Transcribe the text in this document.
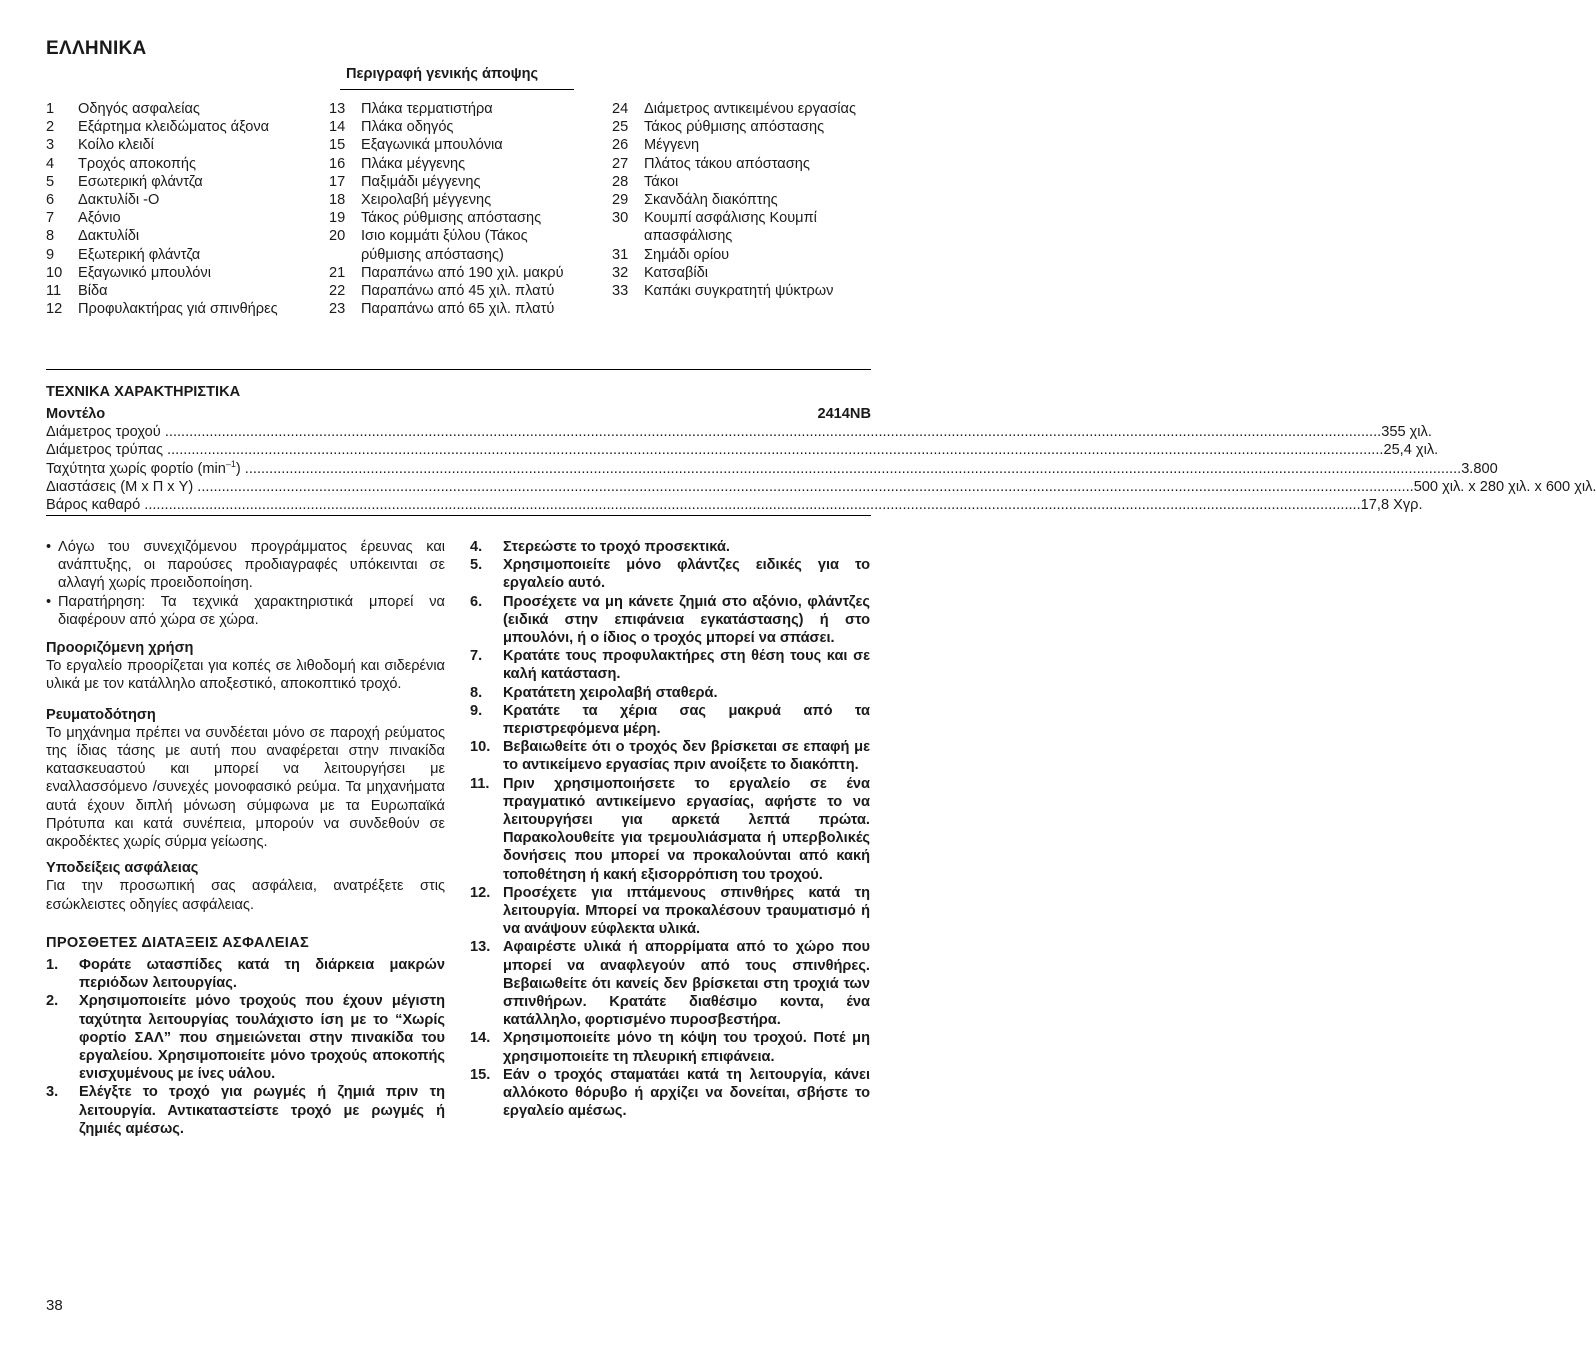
ΕΛΛΗΝΙΚΑ
Περιγραφή γενικής άποψης
1	Οδηγός ασφαλείας
2	Εξάρτημα κλειδώματος άξονα
3	Κοίλο κλειδί
4	Τροχός αποκοπής
5	Εσωτερική φλάντζα
6	Δακτυλίδι -Ο
7	Αξόνιο
8	Δακτυλίδι
9	Εξωτερική φλάντζα
10	Εξαγωνικό μπουλόνι
11	Βίδα
12	Προφυλακτήρας γιά σπινθήρες
13	Πλάκα τερματιστήρα
14	Πλάκα οδηγός
15	Εξαγωνικά μπουλόνια
16	Πλάκα μέγγενης
17	Παξιμάδι μέγγενης
18	Χειρολαβή μέγγενης
19	Τάκος ρύθμισης απόστασης
20	Ισιο κομμάτι ξύλου (Τάκος ρύθμισης απόστασης)
21	Παραπάνω από 190 χιλ. μακρύ
22	Παραπάνω από 45 χιλ. πλατύ
23	Παραπάνω από 65 χιλ. πλατύ
24	Διάμετρος αντικειμένου εργασίας
25	Τάκος ρύθμισης απόστασης
26	Μέγγενη
27	Πλάτος τάκου απόστασης
28	Τάκοι
29	Σκανδάλη διακόπτης
30	Κουμπί ασφάλισης Κουμπί απασφάλισης
31	Σημάδι ορίου
32	Κατσαβίδι
33	Καπάκι συγκρατητή ψύκτρων
ΤΕΧΝΙΚΑ ΧΑΡΑΚΤΗΡΙΣΤΙΚΑ
Μοντέλο	2414NB
Διάμετρος τροχού ............................................................................................................................................................................................................................................................................................................ 355 χιλ.
Διάμετρος τρύπας ............................................................................................................................................................................................................................................................................................................ 25,4 χιλ.
Ταχύτητα χωρίς φορτίο $(\min^{-1})$ ............................................................................................................................................................................................................................................................................................................ 3.800
Διαστάσεις (Μ x Π x Υ) ............................................................................................................................................................................................................................................................................................................ 500 χιλ. x 280 χιλ. x 600 χιλ.
Βάρος καθαρό ............................................................................................................................................................................................................................................................................................................ 17,8 Χγρ.
• Λόγω του συνεχιζόμενου προγράμματος έρευνας και ανάπτυξης, οι παρούσες προδιαγραφές υπόκεινται σε αλλαγή χωρίς προειδοποίηση.
• Παρατήρηση: Τα τεχνικά χαρακτηριστικά μπορεί να διαφέρουν από χώρα σε χώρα.
Προοριζόμενη χρήση
Το εργαλείο προορίζεται για κοπές σε λιθοδομή και σιδερένια υλικά με τον κατάλληλο αποξεστικό, αποκοπτικό τροχό.
Ρευματοδότηση
Το μηχάνημα πρέπει να συνδέεται μόνο σε παροχή ρεύματος της ίδιας τάσης με αυτή που αναφέρεται στην πινακίδα κατασκευαστού και μπορεί να λειτουργήσει με εναλλασσόμενο /συνεχές μονοφασικό ρεύμα. Τα μηχανήματα αυτά έχουν διπλή μόνωση σύμφωνα με τα Ευρωπαϊκά Πρότυπα και κατά συνέπεια, μπορούν να συνδεθούν σε ακροδέκτες χωρίς σύρμα γείωσης.
Υποδείξεις ασφάλειας
Για την προσωπική σας ασφάλεια, ανατρέξετε στις εσώκλειστες οδηγίες ασφάλειας.
ΠΡΟΣΘΕΤΕΣ ΔΙΑΤΑΞΕΙΣ ΑΣΦΑΛΕΙΑΣ
1.	Φοράτε ωτασπίδες κατά τη διάρκεια μακρών περιόδων λειτουργίας.
2.	Χρησιμοποιείτε μόνο τροχούς που έχουν μέγιστη ταχύτητα λειτουργίας τουλάχιστο ίση με το “Χωρίς φορτίο ΣΑΛ” που σημειώνεται στην πινακίδα του εργαλείου. Χρησιμοποιείτε μόνο τροχούς αποκοπής ενισχυμένους με ίνες υάλου.
3.	Ελέγξτε το τροχό για ρωγμές ή ζημιά πριν τη λειτουργία. Αντικαταστείστε τροχό με ρωγμές ή ζημιές αμέσως.
4.	Στερεώστε το τροχό προσεκτικά.
5.	Χρησιμοποιείτε μόνο φλάντζες ειδικές για το εργαλείο αυτό.
6.	Προσέχετε να μη κάνετε ζημιά στο αξόνιο, φλάντζες (ειδικά στην επιφάνεια εγκατάστασης) ή στο μπουλόνι, ή ο ίδιος ο τροχός μπορεί να σπάσει.
7.	Κρατάτε τους προφυλακτήρες στη θέση τους και σε καλή κατάσταση.
8.	Κρατάτετη χειρολαβή σταθερά.
9.	Κρατάτε τα χέρια σας μακρυά από τα περιστρεφόμενα μέρη.
10. Βεβαιωθείτε ότι ο τροχός δεν βρίσκεται σε επαφή με το αντικείμενο εργασίας πριν ανοίξετε το διακόπτη.
11. Πριν χρησιμοποιήσετε το εργαλείο σε ένα πραγματικό αντικείμενο εργασίας, αφήστε το να λειτουργήσει για αρκετά λεπτά πρώτα. Παρακολουθείτε για τρεμουλιάσματα ή υπερβολικές δονήσεις που μπορεί να προκαλούνται από κακή τοποθέτηση ή κακή εξισορρόπιση του τροχού.
12. Προσέχετε για ιπτάμενους σπινθήρες κατά τη λειτουργία. Μπορεί να προκαλέσουν τραυματισμό ή να ανάψουν εύφλεκτα υλικά.
13. Αφαιρέστε υλικά ή απορρίματα από το χώρο που μπορεί να αναφλεγούν από τους σπινθήρες. Βεβαιωθείτε ότι κανείς δεν βρίσκεται στη τροχιά των σπινθήρων. Κρατάτε διαθέσιμο κοντα, ένα κατάλληλο, φορτισμένο πυροσβεστήρα.
14. Χρησιμοποιείτε μόνο τη κόψη του τροχού. Ποτέ μη χρησιμοποιείτε τη πλευρική επιφάνεια.
15. Εάν ο τροχός σταματάει κατά τη λειτουργία, κάνει αλλόκοτο θόρυβο ή αρχίζει να δονείται, σβήστε το εργαλείο αμέσως.
38
